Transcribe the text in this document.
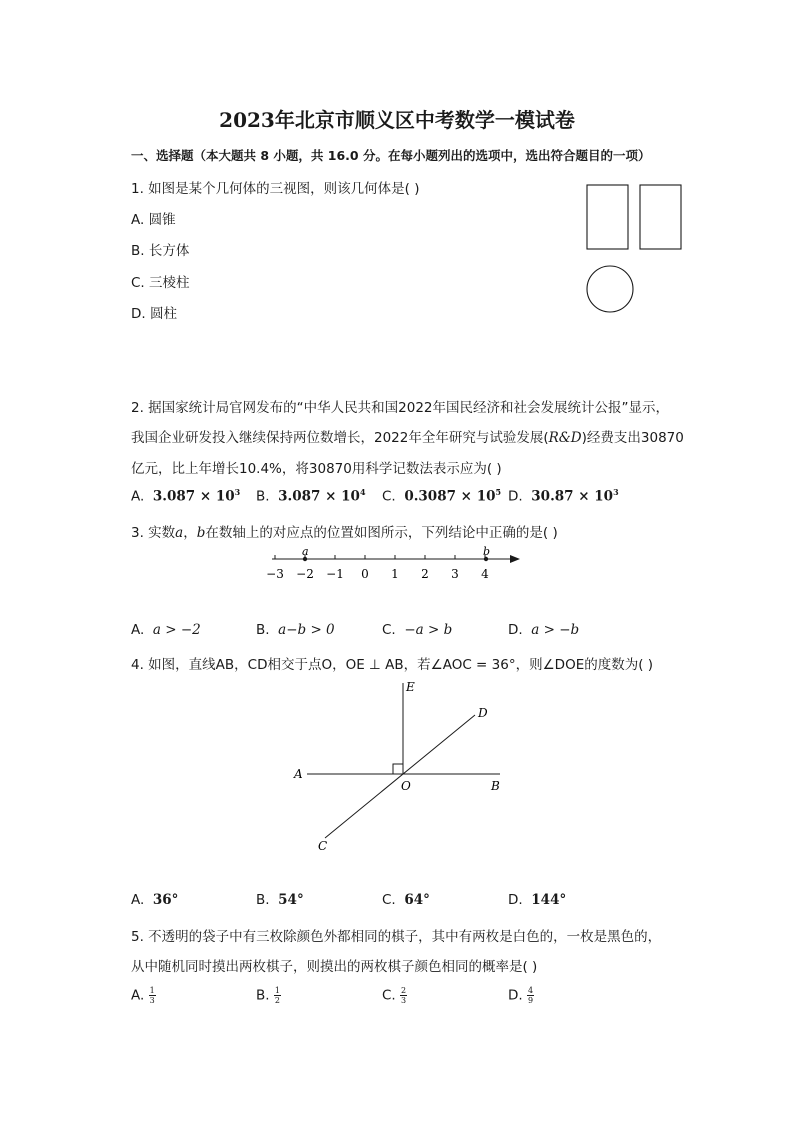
2023年北京市顺义区中考数学一模试卷
一、选择题（本大题共 8 小题，共 16.0 分。在每小题列出的选项中，选出符合题目的一项）
1. 如图是某个几何体的三视图，则该几何体是( )
A. 圆锥
B. 长方体
C. 三棱柱
D. 圆柱
2. 据国家统计局官网发布的“中华人民共和国2022年国民经济和社会发展统计公报”显示，
我国企业研发投入继续保持两位数增长，2022年全年研究与试验发展(R&D)经费支出30870
亿元，比上年增长10.4%，将30870用科学记数法表示应为( )
A. $3.087 \times 10^3$ B. $3.087 \times 10^4$ C. $0.3087 \times 10^5$ D. $30.87 \times 10^3$
3. 实数a，b在数轴上的对应点的位置如图所示，下列结论中正确的是( )
−3 −2 −1 0 1 2 3 4
a	b
A. a > −2	B. a−b > 0	C. −a > b	D. a > −b
4. 如图，直线AB，CD相交于点O，OE ⊥ AB，若∠AOC = 36°，则∠DOE的度数为( )
E
D
A
O	B
C
A. 36°	B. 54°	C. 64°	D. 144°
5. 不透明的袋子中有三枚除颜色外都相同的棋子，其中有两枚是白色的，一枚是黑色的，
从中随机同时摸出两枚棋子，则摸出的两枚棋子颜色相同的概率是( )
A. $\frac{1}{3}$	B. $\frac{1}{2}$	C. $\frac{2}{3}$	D. $\frac{4}{9}$
